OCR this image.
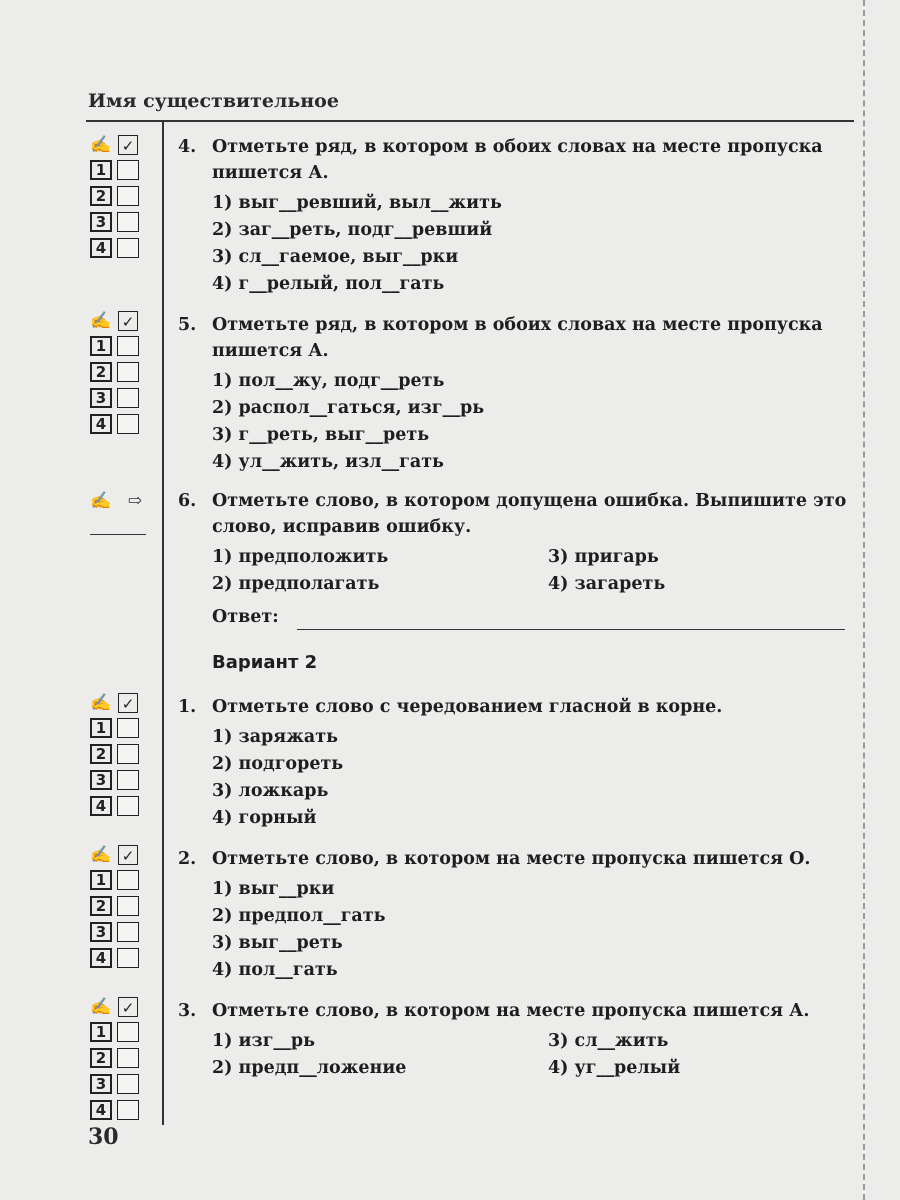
Имя существительное
✍ ✓
1
2
3
4
✍ ✓
1
2
3
4
✍ ⇨
✍ ✓
1
2
3
4
✍ ✓
1
2
3
4
✍ ✓
1
2
3
4
4. Отметьте ряд, в котором в обоих словах на месте пропуска пишется А.
1) выг__ревший, выл__жить
2) заг__реть, подг__ревший
3) сл__гаемое, выг__рки
4) г__релый, пол__гать
5. Отметьте ряд, в котором в обоих словах на месте пропуска пишется А.
1) пол__жу, подг__реть
2) распол__гаться, изг__рь
3) г__реть, выг__реть
4) ул__жить, изл__гать
6. Отметьте слово, в котором допущена ошибка. Выпишите это слово, исправив ошибку.
1) предположить	3) пригарь
2) предполагать	4) загареть
Ответ:
Вариант 2
1. Отметьте слово с чередованием гласной в корне.
1) заряжать
2) подгореть
3) ложкарь
4) горный
2. Отметьте слово, в котором на месте пропуска пишется О.
1) выг__рки
2) предпол__гать
3) выг__реть
4) пол__гать
3. Отметьте слово, в котором на месте пропуска пишется А.
1) изг__рь	3) сл__жить
2) предп__ложение	4) уг__релый
30
